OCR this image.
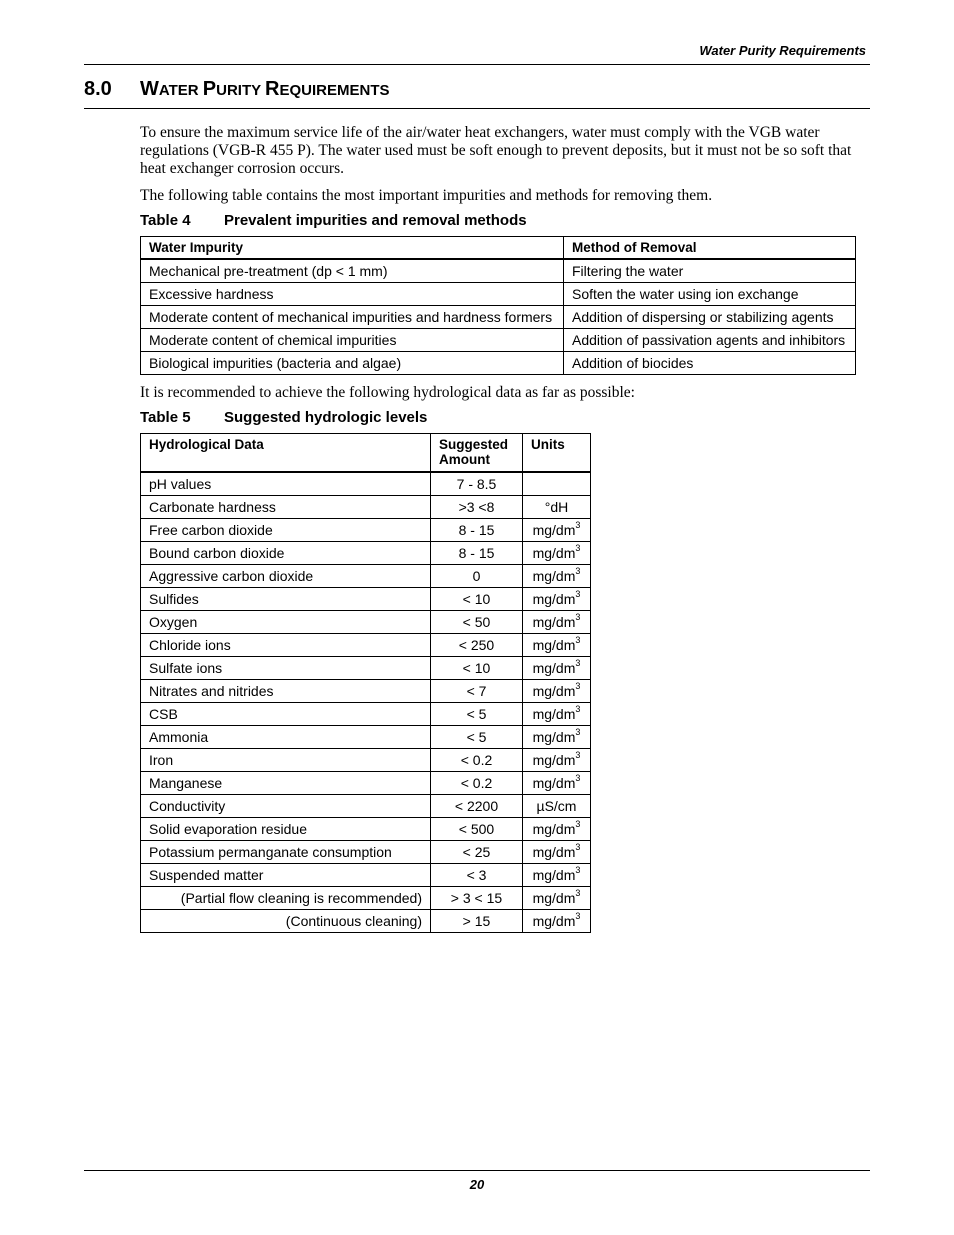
Water Purity Requirements
8.0 WATER PURITY REQUIREMENTS
To ensure the maximum service life of the air/water heat exchangers, water must comply with the VGB water regulations (VGB-R 455 P). The water used must be soft enough to prevent deposits, but it must not be so soft that heat exchanger corrosion occurs.
The following table contains the most important impurities and methods for removing them.
Table 4 Prevalent impurities and removal methods
Water Impurity	Method of Removal
Mechanical pre-treatment (dp < 1 mm)	Filtering the water
Excessive hardness	Soften the water using ion exchange
Moderate content of mechanical impurities and hardness formers	Addition of dispersing or stabilizing agents
Moderate content of chemical impurities	Addition of passivation agents and inhibitors
Biological impurities (bacteria and algae)	Addition of biocides
It is recommended to achieve the following hydrological data as far as possible:
Table 5 Suggested hydrologic levels
Hydrological Data	Suggested Amount	Units
pH values	7 - 8.5	
Carbonate hardness	>3 <8	°dH
Free carbon dioxide	8 - 15	$mg/dm^3$
Bound carbon dioxide	8 - 15	$mg/dm^3$
Aggressive carbon dioxide	0	$mg/dm^3$
Sulfides	< 10	$mg/dm^3$
Oxygen	< 50	$mg/dm^3$
Chloride ions	< 250	$mg/dm^3$
Sulfate ions	< 10	$mg/dm^3$
Nitrates and nitrides	< 7	$mg/dm^3$
CSB	< 5	$mg/dm^3$
Ammonia	< 5	$mg/dm^3$
Iron	< 0.2	$mg/dm^3$
Manganese	< 0.2	$mg/dm^3$
Conductivity	< 2200	µS/cm
Solid evaporation residue	< 500	$mg/dm^3$
Potassium permanganate consumption	< 25	$mg/dm^3$
Suspended matter	< 3	$mg/dm^3$
(Partial flow cleaning is recommended)	> 3 < 15	$mg/dm^3$
(Continuous cleaning)	> 15	$mg/dm^3$
20
